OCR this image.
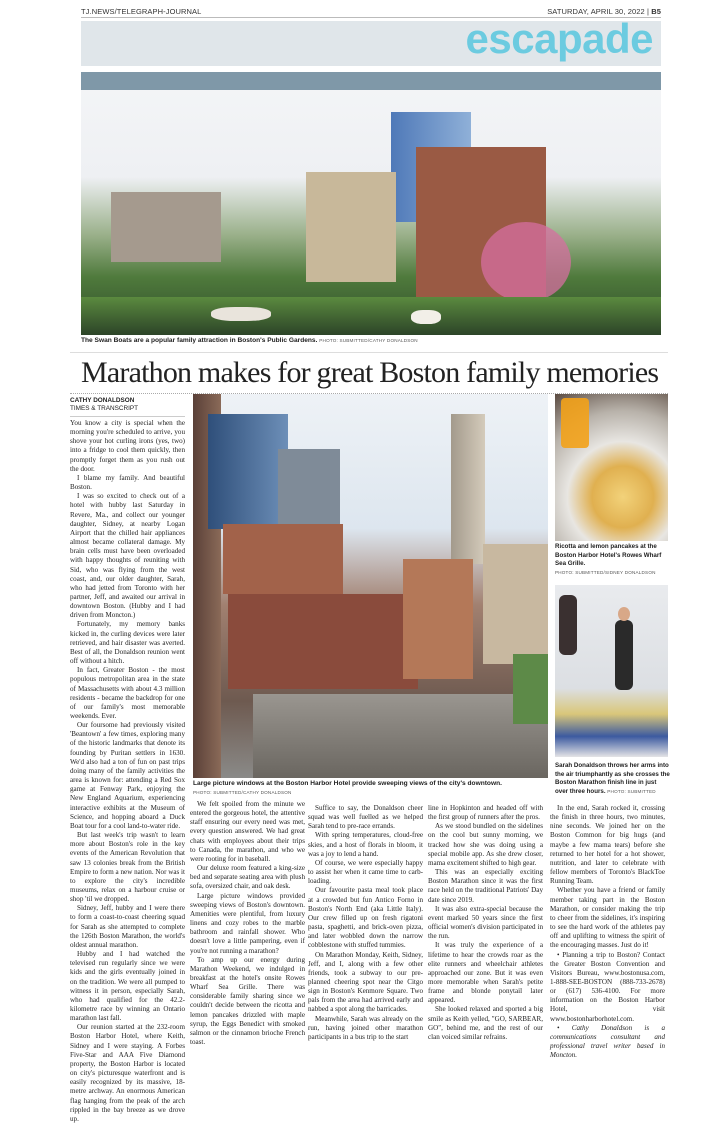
TJ.NEWS/TELEGRAPH-JOURNAL	SATURDAY, APRIL 30, 2022 | B5
escapade
The Swan Boats are a popular family attraction in Boston's Public Gardens. PHOTO: SUBMITTED/CATHY DONALDSON
Marathon makes for great Boston family memories
CATHY DONALDSON
TIMES & TRANSCRIPT
Large picture windows at the Boston Harbor Hotel provide sweeping views of the city's downtown.
PHOTO: SUBMITTED/CATHY DONALDSON
Ricotta and lemon pancakes at the Boston Harbor Hotel's Rowes Wharf Sea Grille.
PHOTO: SUBMITTED/SIDNEY DONALDSON
Sarah Donaldson throws her arms into the air triumphantly as she crosses the Boston Marathon finish line in just over three hours. PHOTO: SUBMITTED

You know a city is special when the morning you're scheduled to arrive, you shove your hot curling irons (yes, two) into a fridge to cool them quickly, then promptly forget them as you rush out the door.

I blame my family. And beautiful Boston.

I was so excited to check out of a hotel with hubby last Saturday in Revere, Ma., and collect our younger daughter, Sidney, at nearby Logan Airport that the chilled hair appliances almost became collateral damage. My brain cells must have been overloaded with happy thoughts of reuniting with Sid, who was flying from the west coast, and, our older daughter, Sarah, who had jetted from Toronto with her partner, Jeff, and awaited our arrival in downtown Boston. (Hubby and I had driven from Moncton.)

Fortunately, my memory banks kicked in, the curling devices were later retrieved, and hair disaster was averted. Best of all, the Donaldson reunion went off without a hitch.

In fact, Greater Boston - the most populous metropolitan area in the state of Massachusetts with about 4.3 million residents - became the backdrop for one of our family's most memorable weekends. Ever.

Our foursome had previously visited 'Beantown' a few times, exploring many of the historic landmarks that denote its founding by Puritan settlers in 1630. We'd also had a ton of fun on past trips doing many of the family activities the area is known for: attending a Red Sox game at Fenway Park, enjoying the New England Aquarium, experiencing interactive exhibits at the Museum of Science, and hopping aboard a Duck Boat tour for a cool land-to-water ride.

But last week's trip wasn't to learn more about Boston's role in the key events of the American Revolution that saw 13 colonies break from the British Empire to form a new nation. Nor was it to explore the city's incredible museums, relax on a harbour cruise or shop 'til we dropped.

Sidney, Jeff, hubby and I were there to form a coast-to-coast cheering squad for Sarah as she attempted to complete the 126th Boston Marathon, the world's oldest annual marathon.

Hubby and I had watched the televised run regularly since we were kids and the girls eventually joined in on the tradition. We were all pumped to witness it in person, especially Sarah, who had qualified for the 42.2-kilometre race by winning an Ontario marathon last fall.

Our reunion started at the 232-room Boston Harbor Hotel, where Keith, Sidney and I were staying. A Forbes Five-Star and AAA Five Diamond property, the Boston Harbor is located on city's picturesque waterfront and is easily recognized by its massive, 18-metre archway. An enormous American flag hanging from the peak of the arch rippled in the bay breeze as we drove up.

We felt spoiled from the minute we entered the gorgeous hotel, the attentive staff ensuring our every need was met, every question answered. We had great chats with employees about their trips to Canada, the marathon, and who we were rooting for in baseball.

Our deluxe room featured a king-size bed and separate seating area with plush sofa, oversized chair, and oak desk.

Large picture windows provided sweeping views of Boston's downtown. Amenities were plentiful, from luxury linens and cozy robes to the marble bathroom and rainfall shower. Who doesn't love a little pampering, even if you're not running a marathon?

To amp up our energy during Marathon Weekend, we indulged in breakfast at the hotel's onsite Rowes Wharf Sea Grille. There was considerable family sharing since we couldn't decide between the ricotta and lemon pancakes drizzled with maple syrup, the Eggs Benedict with smoked salmon or the cinnamon brioche French toast.

Suffice to say, the Donaldson cheer squad was well fuelled as we helped Sarah tend to pre-race errands.

With spring temperatures, cloud-free skies, and a host of florals in bloom, it was a joy to lend a hand.

Of course, we were especially happy to assist her when it came time to carb-loading.

Our favourite pasta meal took place at a crowded but fun Antico Forno in Boston's North End (aka Little Italy). Our crew filled up on fresh rigatoni pasta, spaghetti, and brick-oven pizza, and later wobbled down the narrow cobblestone with stuffed tummies.

On Marathon Monday, Keith, Sidney, Jeff, and I, along with a few other friends, took a subway to our pre-planned cheering spot near the Citgo sign in Boston's Kenmore Square. Two pals from the area had arrived early and nabbed a spot along the barricades.

Meanwhile, Sarah was already on the run, having joined other marathon participants in a bus trip to the start

line in Hopkinton and headed off with the first group of runners after the pros.

As we stood bundled on the sidelines on the cool but sunny morning, we tracked how she was doing using a special mobile app. As she drew closer, mama excitement shifted to high gear.

This was an especially exciting Boston Marathon since it was the first race held on the traditional Patriots' Day date since 2019.

It was also extra-special because the event marked 50 years since the first official women's division participated in the run.

It was truly the experience of a lifetime to hear the crowds roar as the elite runners and wheelchair athletes approached our zone. But it was even more memorable when Sarah's petite frame and blonde ponytail later appeared.

She looked relaxed and sported a big smile as Keith yelled, "GO, SARBEAR, GO", behind me, and the rest of our clan voiced similar refrains.

In the end, Sarah rocked it, crossing the finish in three hours, two minutes, nine seconds. We joined her on the Boston Common for big hugs (and maybe a few mama tears) before she returned to her hotel for a hot shower, nutrition, and later to celebrate with fellow members of Toronto's BlackToe Running Team.

Whether you have a friend or family member taking part in the Boston Marathon, or consider making the trip to cheer from the sidelines, it's inspiring to see the hard work of the athletes pay off and uplifting to witness the spirit of the encouraging masses. Just do it!

• Planning a trip to Boston? Contact the Greater Boston Convention and Visitors Bureau, www.bostonusa.com, 1-888-SEE-BOSTON (888-733-2678) or (617) 536-4100. For more information on the Boston Harbor Hotel, visit www.bostonharborhotel.com.

• Cathy Donaldson is a communications consultant and professional travel writer based in Moncton.
